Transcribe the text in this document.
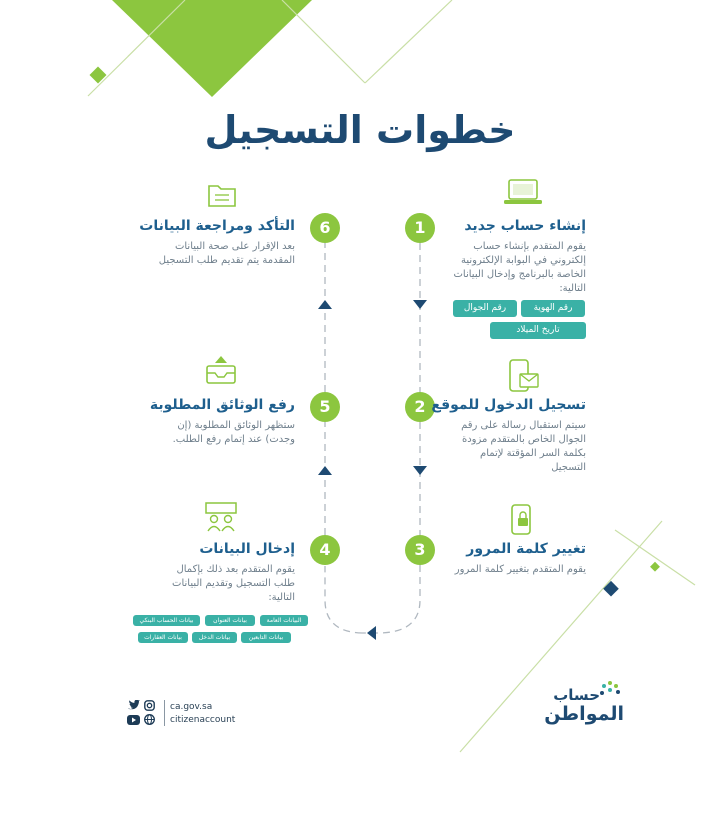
خطوات التسجيل
1
2
3
4
5
6	إنشاء حساب جديد
يقوم المتقدم بإنشاء حساب إلكتروني في البوابة الإلكترونية الخاصة بالبرنامج وإدخال البيانات التالية:
رقم الهوية
رقم الجوال
تاريخ الميلاد
تسجيل الدخول للموقع
سيتم استقبال رسالة على رقم الجوال الخاص بالمتقدم مزودة بكلمة السر المؤقتة لإتمام التسجيل
تغيير كلمة المرور
يقوم المتقدم بتغيير كلمة المرور
إدخال البيانات
يقوم المتقدم بعد ذلك بإكمال طلب التسجيل وتقديم البيانات التالية:
البيانات العامة
بيانات العنوان
بيانات الحساب البنكي
بيانات التابعين
بيانات الدخل
بيانات العقارات
رفع الوثائق المطلوبة
ستظهر الوثائق المطلوبة (إن وجدت) عند إتمام رفع الطلب.
التأكد ومراجعة البيانات
بعد الإقرار على صحة البيانات المقدمة يتم تقديم طلب التسجيل
ca.gov.sa
citizenaccount
حساب
المواطن
